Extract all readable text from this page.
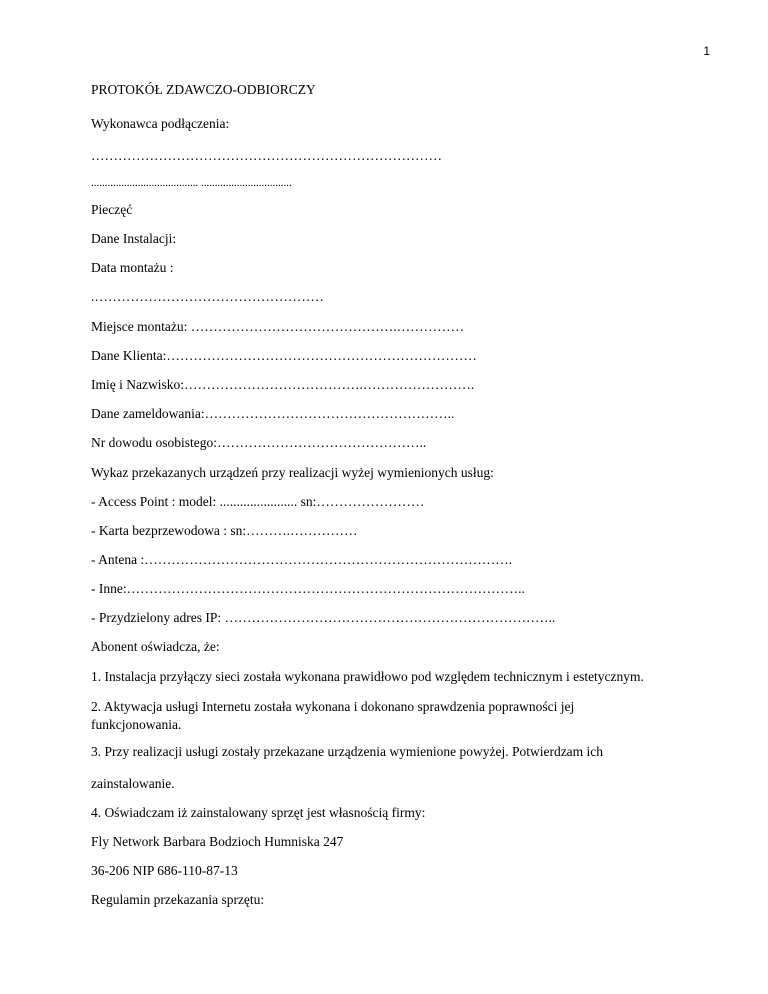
1

PROTOKÓŁ ZDAWCZO-ODBIORCZY

Wykonawca podłączenia:

……………………………………………………………………

....................................... .................................

Pieczęć

Dane Instalacji:

Data montażu :

.……………………………………………

Miejsce montażu: ……………………………………….……………

Dane Klienta:……………………………………………………………

Imię i Nazwisko:………………………………….…………………….

Dane zameldowania:………………………………………………..

Nr dowodu osobistego:………………………………………..

Wykaz przekazanych urządzeń przy realizacji wyżej wymienionych usług:

- Access Point : model: ....................... sn:……………………

- Karta bezprzewodowa : sn:……….……………

- Antena :……………………………………………………………………….

- Inne:……………………………………………………………………………..

- Przydzielony adres IP: ………………………………………………………………..

Abonent oświadcza, że:

1. Instalacja przyłączy sieci została wykonana prawidłowo pod względem technicznym i estetycznym.

2. Aktywacja usługi Internetu została wykonana i dokonano sprawdzenia poprawności jej funkcjonowania.

3. Przy realizacji usługi zostały przekazane urządzenia wymienione powyżej. Potwierdzam ich

zainstalowanie.

4. Oświadczam iż zainstalowany sprzęt jest własnością firmy:

Fly Network Barbara Bodzioch Humniska 247

36-206 NIP 686-110-87-13

Regulamin przekazania sprzętu:
